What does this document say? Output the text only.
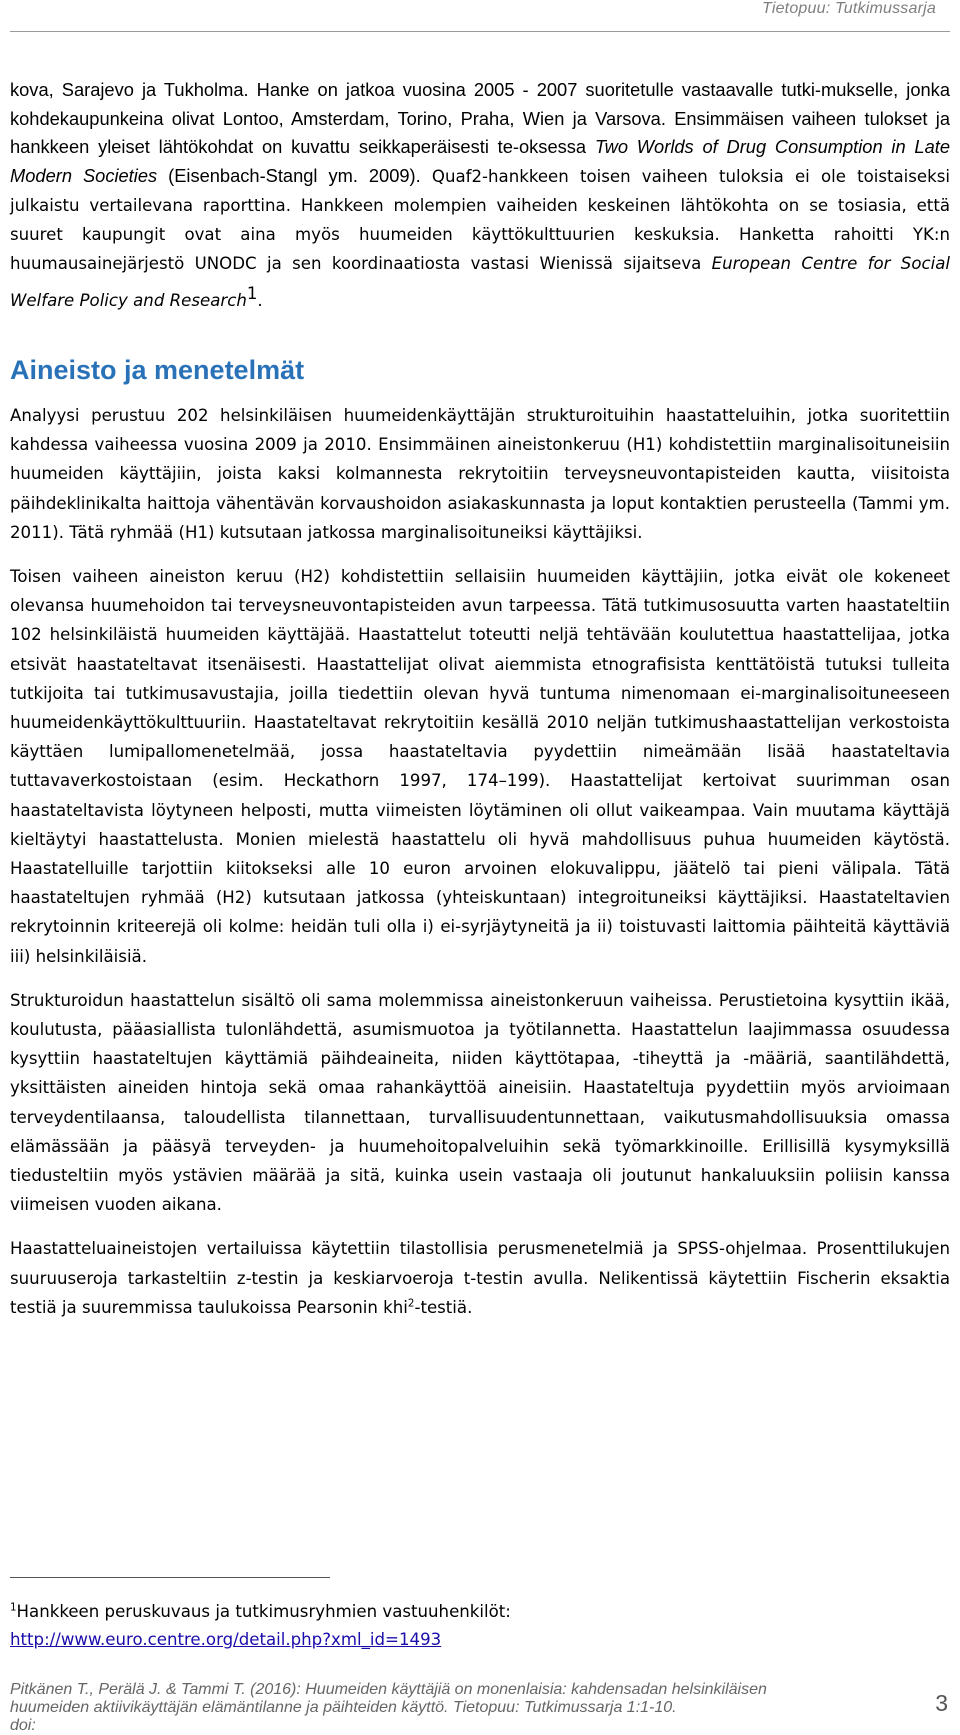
Tietopuu: Tutkimussarja

kova, Sarajevo ja Tukholma. Hanke on jatkoa vuosina 2005 - 2007 suoritetulle vastaavalle tutki-mukselle, jonka kohdekaupunkeina olivat Lontoo, Amsterdam, Torino, Praha, Wien ja Varsova. Ensimmäisen vaiheen tulokset ja hankkeen yleiset lähtökohdat on kuvattu seikkaperäisesti te-oksessa Two Worlds of Drug Consumption in Late Modern Societies (Eisenbach-Stangl ym. 2009). Quaf2-hankkeen toisen vaiheen tuloksia ei ole toistaiseksi julkaistu vertailevana raporttina. Hankkeen molempien vaiheiden keskeinen lähtökohta on se tosiasia, että suuret kaupungit ovat aina myös huumeiden käyttökulttuurien keskuksia. Hanketta rahoitti YK:n huumausainejärjestö UNODC ja sen koordinaatiosta vastasi Wienissä sijaitseva European Centre for Social Welfare Policy and Research$^1$.

Aineisto ja menetelmät

Analyysi perustuu 202 helsinkiläisen huumeidenkäyttäjän strukturoituihin haastatteluihin, jotka suoritettiin kahdessa vaiheessa vuosina 2009 ja 2010. Ensimmäinen aineistonkeruu (H1) kohdistettiin marginalisoituneisiin huumeiden käyttäjiin, joista kaksi kolmannesta rekrytoitiin terveysneuvontapisteiden kautta, viisitoista päihdeklinikalta haittoja vähentävän korvaushoidon asiakaskunnasta ja loput kontaktien perusteella (Tammi ym. 2011). Tätä ryhmää (H1) kutsutaan jatkossa marginalisoituneiksi käyttäjiksi.

Toisen vaiheen aineiston keruu (H2) kohdistettiin sellaisiin huumeiden käyttäjiin, jotka eivät ole kokeneet olevansa huumehoidon tai terveysneuvontapisteiden avun tarpeessa. Tätä tutkimusosuutta varten haastateltiin 102 helsinkiläistä huumeiden käyttäjää. Haastattelut toteutti neljä tehtävään koulutettua haastattelijaa, jotka etsivät haastateltavat itsenäisesti. Haastattelijat olivat aiemmista etnografisista kenttätöistä tutuksi tulleita tutkijoita tai tutkimusavustajia, joilla tiedettiin olevan hyvä tuntuma nimenomaan ei-marginalisoituneeseen huumeidenkäyttökulttuuriin. Haastateltavat rekrytoitiin kesällä 2010 neljän tutkimushaastattelijan verkostoista käyttäen lumipallomenetelmää, jossa haastateltavia pyydettiin nimeämään lisää haastateltavia tuttavaverkostoistaan (esim. Heckathorn 1997, 174–199). Haastattelijat kertoivat suurimman osan haastateltavista löytyneen helposti, mutta viimeisten löytäminen oli ollut vaikeampaa. Vain muutama käyttäjä kieltäytyi haastattelusta. Monien mielestä haastattelu oli hyvä mahdollisuus puhua huumeiden käytöstä. Haastatelluille tarjottiin kiitokseksi alle 10 euron arvoinen elokuvalippu, jäätelö tai pieni välipala. Tätä haastateltujen ryhmää (H2) kutsutaan jatkossa (yhteiskuntaan) integroituneiksi käyttäjiksi. Haastateltavien rekrytoinnin kriteerejä oli kolme: heidän tuli olla i) ei-syrjäytyneitä ja ii) toistuvasti laittomia päihteitä käyttäviä iii) helsinkiläisiä.

Strukturoidun haastattelun sisältö oli sama molemmissa aineistonkeruun vaiheissa. Perustietoina kysyttiin ikää, koulutusta, pääasiallista tulonlähdettä, asumismuotoa ja työtilannetta. Haastattelun laajimmassa osuudessa kysyttiin haastateltujen käyttämiä päihdeaineita, niiden käyttötapaa, -tiheyttä ja -määriä, saantilähdettä, yksittäisten aineiden hintoja sekä omaa rahankäyttöä aineisiin. Haastateltuja pyydettiin myös arvioimaan terveydentilaansa, taloudellista tilannettaan, turvallisuudentunnettaan, vaikutusmahdollisuuksia omassa elämässään ja pääsyä terveyden- ja huumehoitopalveluihin sekä työmarkkinoille. Erillisillä kysymyksillä tiedusteltiin myös ystävien määrää ja sitä, kuinka usein vastaaja oli joutunut hankaluuksiin poliisin kanssa viimeisen vuoden aikana.

Haastatteluaineistojen vertailuissa käytettiin tilastollisia perusmenetelmiä ja SPSS-ohjelmaa. Prosenttilukujen suuruuseroja tarkasteltiin z-testin ja keskiarvoeroja t-testin avulla. Nelikentissä käytettiin Fischerin eksaktia testiä ja suuremmissa taulukoissa Pearsonin khi$^2$-testiä.

$^1$Hankkeen peruskuvaus ja tutkimusryhmien vastuuhenkilöt:
http://www.euro.centre.org/detail.php?xml_id=1493
Pitkänen T., Perälä J. & Tammi T. (2016): Huumeiden käyttäjiä on monenlaisia: kahdensadan helsinkiläisen
huumeiden aktiivikäyttäjän elämäntilanne ja päihteiden käyttö. Tietopuu: Tutkimussarja 1:1-10.
doi:
3
